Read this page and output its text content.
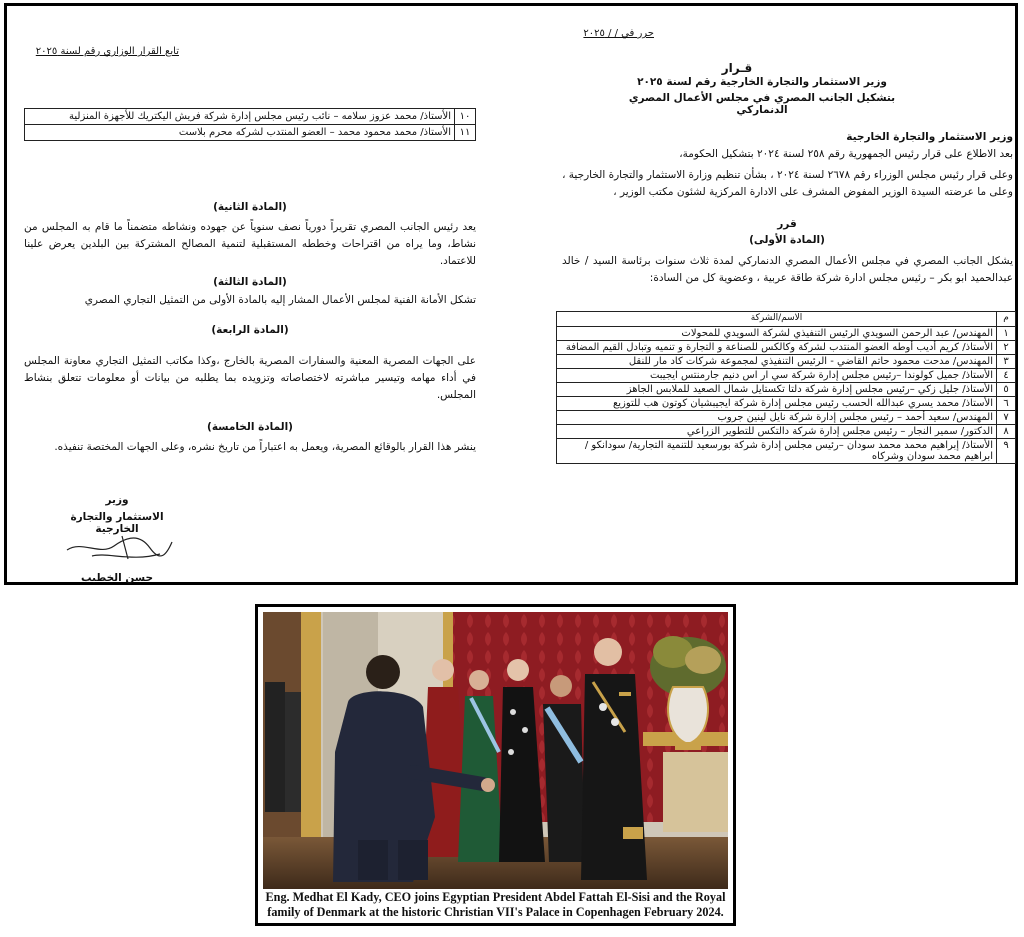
تابع القرار الوزاري رقم لسنة ٢٠٢٥
١٠	الأستاذ/ محمد عزوز سلامه – نائب رئيس مجلس إدارة شركة فريش اليكتريك للأجهزة المنزلية
١١	الأستاذ/ محمد محمود محمد – العضو المنتدب لشركه محرم بلاست
(المادة الثانية)
يعد رئيس الجانب المصري تقريراً دورياً نصف سنوياً عن جهوده ونشاطه متضمناً ما قام به المجلس من نشاط، وما يراه من اقتراحات وخططه المستقبلية لتنمية المصالح المشتركة بين البلدين يعرض علينا للاعتماد.
(المادة الثالثة)
تشكل الأمانة الفنية لمجلس الأعمال المشار إليه بالمادة الأولى من التمثيل التجاري المصري
(المادة الرابعة)
على الجهات المصرية المعنية والسفارات المصرية بالخارج ،وكذا مكاتب التمثيل التجاري معاونة المجلس في أداء مهامه وتيسير مباشرته لاختصاصاته وتزويده بما يطلبه من بيانات أو معلومات تتعلق بنشاط المجلس.
(المادة الخامسة)
ينشر هذا القرار بالوقائع المصرية، ويعمل به اعتباراً من تاريخ نشره، وعلى الجهات المختصة تنفيذه.
وزير
الاستثمار والتجارة الخارجية
حسن الخطيب
حرر في / / ٢٠٢٥
قـرار
وزير الاستثمار والتجارة الخارجية رقم لسنة ٢٠٢٥
بتشكيل الجانب المصري في مجلس الأعمال المصري الدنماركي
وزير الاستثمار والتجارة الخارجية
بعد الاطلاع على قرار رئيس الجمهورية رقم ٢٥٨ لسنة ٢٠٢٤ بتشكيل الحكومة،
وعلى قرار رئيس مجلس الوزراء رقم ٢٦٧٨ لسنة ٢٠٢٤ ، بشأن تنظيم وزارة الاستثمار والتجارة الخارجية ،
وعلى ما عرضته السيدة الوزير المفوض المشرف على الادارة المركزية لشئون مكتب الوزير ،
قرر
(المادة الأولى)
يشكل الجانب المصري في مجلس الأعمال المصري الدنماركي لمدة ثلاث سنوات برئاسة السيد / خالد عبدالحميد ابو بكر – رئيس مجلس ادارة شركة طاقة عربية ، وعضوية كل من السادة:
م	الاسم/الشركة
١	المهندس/ عبد الرحمن السويدي الرئيس التنفيذي لشركة السويدي للمحولات
٢	الأستاذ/ كريم أديب أوطه العضو المنتدب لشركة وكالكس للصناعة و التجارة و تنميه وتبادل القيم المضافة
٣	المهندس/ مدحت محمود حاتم القاضي - الرئيس التنفيذي لمجموعة شركات كاد مار للنقل
٤	الأستاذ/ جميل كولوندا –رئيس مجلس إدارة شركة سي ار اس دنيم جارمنتس ايجيبت
٥	الأستاذ/ جليل زكي –رئيس مجلس إدارة شركة دلتا تكستايل شمال الصعيد للملابس الجاهز
٦	الأستاذ/ محمد يسري عبدالله الحسب رئيس مجلس إدارة شركة ايجيبشيان كوتون هب للتوزيع
٧	المهندس/ سعيد أحمد – رئيس مجلس إدارة شركة نايل لينين جروب
٨	الدكتور/ سمير النجار – رئيس مجلس إدارة شركة دالتكس للتطوير الزراعي
٩	الأستاذ/ إبراهيم محمد محمد سودان –رئيس مجلس إدارة شركة بورسعيد للتنمية التجارية/ سودانكو / ابراهيم محمد سودان وشركاه
Eng. Medhat El Kady, CEO joins Egyptian President Abdel Fattah El-Sisi and the Royal family of Denmark at the historic Christian VII's Palace in Copenhagen February 2024.
